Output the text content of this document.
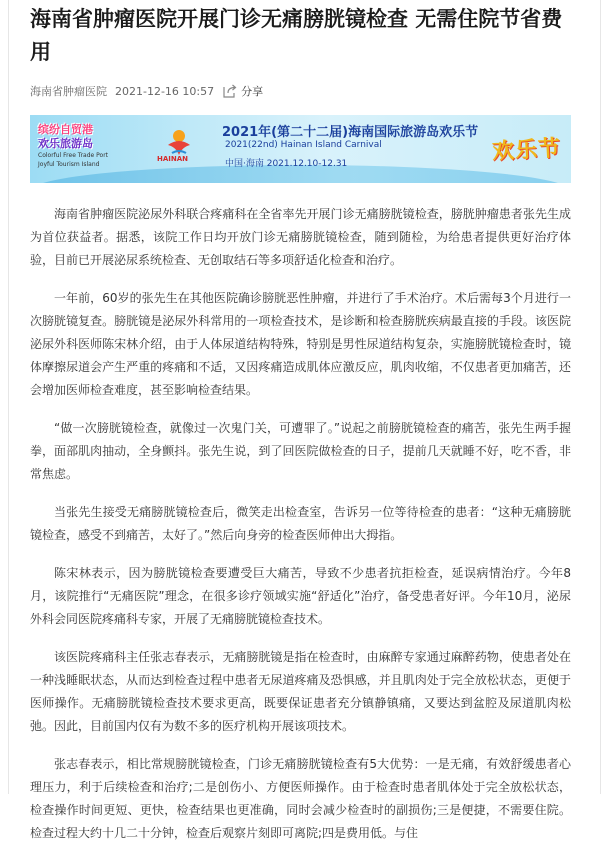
海南省肿瘤医院开展门诊无痛膀胱镜检查 无需住院节省费用
海南省肿瘤医院 2021-12-16 10:57 分享
缤纷自贸港
欢乐旅游岛
Colorful Free Trade Port Joyful Tourism Island
HAINAN
2021年(第二十二届)海南国际旅游岛欢乐节
2021(22nd) Hainan Island Carnival
中国·海南 2021.12.10-12.31	欢乐节

海南省肿瘤医院泌尿外科联合疼痛科在全省率先开展门诊无痛膀胱镜检查，膀胱肿瘤患者张先生成为首位获益者。据悉，该院工作日均开放门诊无痛膀胱镜检查，随到随检，为给患者提供更好治疗体验，目前已开展泌尿系统检查、无创取结石等多项舒适化检查和治疗。

一年前，60岁的张先生在其他医院确诊膀胱恶性肿瘤，并进行了手术治疗。术后需每3个月进行一次膀胱镜复查。膀胱镜是泌尿外科常用的一项检查技术，是诊断和检查膀胱疾病最直接的手段。该医院泌尿外科医师陈宋林介绍，由于人体尿道结构特殊，特别是男性尿道结构复杂，实施膀胱镜检查时，镜体摩擦尿道会产生严重的疼痛和不适，又因疼痛造成肌体应激反应，肌肉收缩，不仅患者更加痛苦，还会增加医师检查难度，甚至影响检查结果。

“做一次膀胱镜检查，就像过一次鬼门关，可遭罪了。”说起之前膀胱镜检查的痛苦，张先生两手握拳，面部肌肉抽动，全身颤抖。张先生说，到了回医院做检查的日子，提前几天就睡不好，吃不香，非常焦虑。

当张先生接受无痛膀胱镜检查后，微笑走出检查室，告诉另一位等待检查的患者：“这种无痛膀胱镜检查，感受不到痛苦，太好了。”然后向身旁的检查医师伸出大拇指。

陈宋林表示，因为膀胱镜检查要遭受巨大痛苦，导致不少患者抗拒检查，延误病情治疗。今年8月，该院推行“无痛医院”理念，在很多诊疗领域实施“舒适化”治疗，备受患者好评。今年10月，泌尿外科会同医院疼痛科专家，开展了无痛膀胱镜检查技术。

该医院疼痛科主任张志春表示，无痛膀胱镜是指在检查时，由麻醉专家通过麻醉药物，使患者处在一种浅睡眠状态，从而达到检查过程中患者无尿道疼痛及恐惧感，并且肌肉处于完全放松状态，更便于医师操作。无痛膀胱镜检查技术要求更高，既要保证患者充分镇静镇痛，又要达到盆腔及尿道肌肉松弛。因此，目前国内仅有为数不多的医疗机构开展该项技术。

张志春表示，相比常规膀胱镜检查，门诊无痛膀胱镜检查有5大优势：一是无痛，有效舒缓患者心理压力，利于后续检查和治疗;二是创伤小、方便医师操作。由于检查时患者肌体处于完全放松状态，检查操作时间更短、更快，检查结果也更准确，同时会减少检查时的副损伤;三是便捷，不需要住院。检查过程大约十几二十分钟，检查后观察片刻即可离院;四是费用低。与住
